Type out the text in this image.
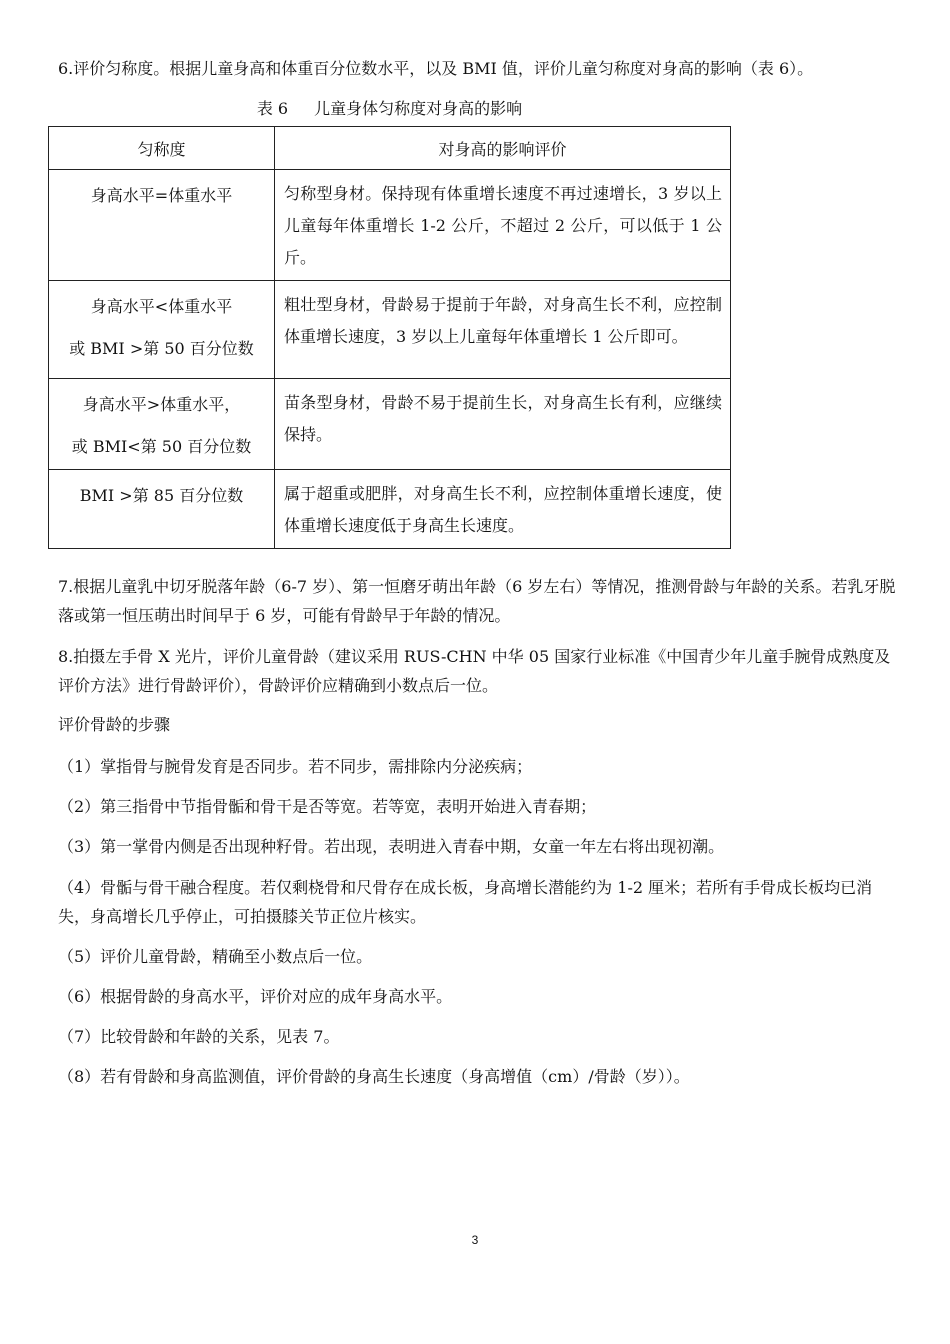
6.评价匀称度。根据儿童身高和体重百分位数水平，以及 BMI 值，评价儿童匀称度对身高的影响（表 6）。

表 6 儿童身体匀称度对身高的影响
匀称度	对身高的影响评价

身高水平=体重水平	匀称型身材。保持现有体重增长速度不再过速增长，3 岁以上儿童每年体重增长 1-2 公斤，不超过 2 公斤，可以低于 1 公斤。

身高水平<体重水平
或 BMI >第 50 百分位数	粗壮型身材，骨龄易于提前于年龄，对身高生长不利，应控制体重增长速度，3 岁以上儿童每年体重增长 1 公斤即可。

身高水平>体重水平，
或 BMI<第 50 百分位数	苗条型身材，骨龄不易于提前生长，对身高生长有利，应继续保持。

BMI >第 85 百分位数	属于超重或肥胖，对身高生长不利，应控制体重增长速度，使体重增长速度低于身高生长速度。

7.根据儿童乳中切牙脱落年龄（6-7 岁）、第一恒磨牙萌出年龄（6 岁左右）等情况，推测骨龄与年龄的关系。若乳牙脱落或第一恒压萌出时间早于 6 岁，可能有骨龄早于年龄的情况。

8.拍摄左手骨 X 光片，评价儿童骨龄（建议采用 RUS-CHN 中华 05 国家行业标准《中国青少年儿童手腕骨成熟度及评价方法》进行骨龄评价），骨龄评价应精确到小数点后一位。

评价骨龄的步骤

（1）掌指骨与腕骨发育是否同步。若不同步，需排除内分泌疾病；

（2）第三指骨中节指骨骺和骨干是否等宽。若等宽，表明开始进入青春期；

（3）第一掌骨内侧是否出现种籽骨。若出现，表明进入青春中期，女童一年左右将出现初潮。

（4）骨骺与骨干融合程度。若仅剩桡骨和尺骨存在成长板，身高增长潜能约为 1-2 厘米；若所有手骨成长板均已消失，身高增长几乎停止，可拍摄膝关节正位片核实。

（5）评价儿童骨龄，精确至小数点后一位。

（6）根据骨龄的身高水平，评价对应的成年身高水平。

（7）比较骨龄和年龄的关系，见表 7。

（8）若有骨龄和身高监测值，评价骨龄的身高生长速度（身高增值（cm）/骨龄（岁））。

3
